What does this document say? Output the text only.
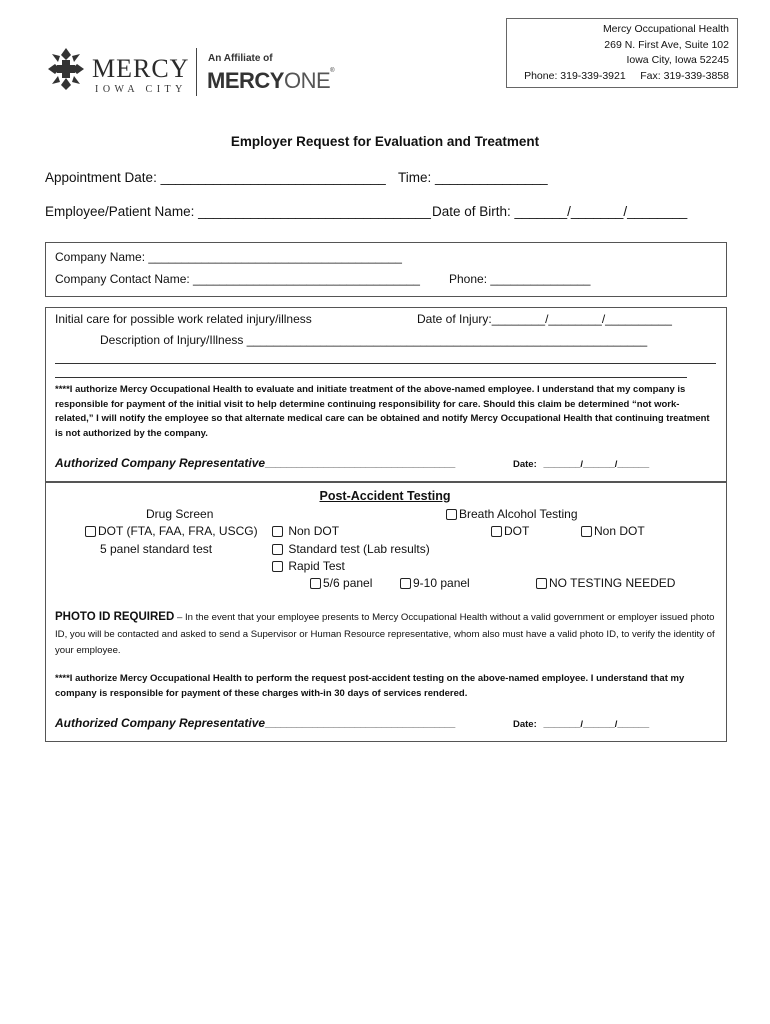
Mercy Occupational Health
269 N. First Ave, Suite 102
Iowa City, Iowa 52245
Phone: 319-339-3921     Fax: 319-339-3858
MERCY
IOWA CITY
An Affiliate of
MERCYONE®
Employer Request for Evaluation and Treatment
Appointment Date: ______________________________ Time: _______________
Employee/Patient Name: _______________________________ Date of Birth: _______/_______/________
Company Name: ______________________________________
Company Contact Name: __________________________________ Phone: _______________
Initial care for possible work related injury/illness	Date of Injury:________/________/__________
Description of Injury/Illness ____________________________________________________________
****I authorize Mercy Occupational Health to evaluate and initiate treatment of the above-named employee. I understand that my company is responsible for payment of the initial visit to help determine continuing responsibility for care. Should this claim be determined “not work-related,” I will notify the employee so that alternate medical care can be obtained and notify Mercy Occupational Health that continuing treatment is not authorized by the company.
Authorized Company Representative____________________________________	Date: _______/______/______
Post-Accident Testing
Drug Screen
DOT (FTA, FAA, FRA, USCG)
5 panel standard test
Non DOT
Standard test (Lab results)
Rapid Test
5/6 panel	9-10 panel
Breath Alcohol Testing
DOT	Non DOT
NO TESTING NEEDED
PHOTO ID REQUIRED – In the event that your employee presents to Mercy Occupational Health without a valid government or employer issued photo ID, you will be contacted and asked to send a Supervisor or Human Resource representative, whom also must have a valid photo ID, to verify the identity of your employee.
****I authorize Mercy Occupational Health to perform the request post-accident testing on the above-named employee. I understand that my company is responsible for payment of these charges with-in 30 days of services rendered.
Authorized Company Representative____________________________________	Date: _______/______/______
